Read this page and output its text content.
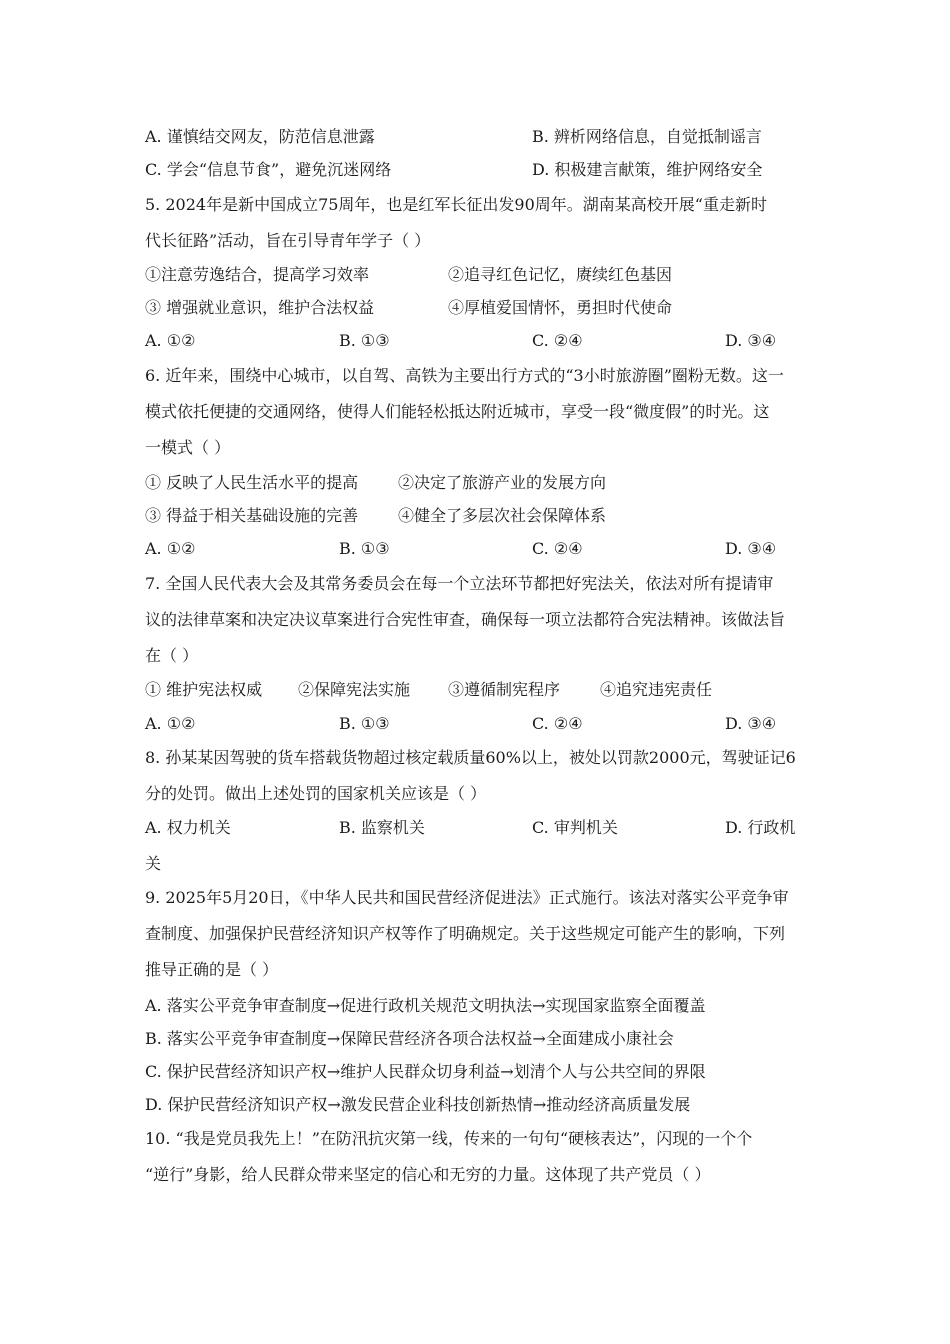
A. 谨慎结交网友，防范信息泄露	B. 辨析网络信息，自觉抵制谣言
C. 学会“信息节食”，避免沉迷网络	D. 积极建言献策，维护网络安全
5. 2024年是新中国成立75周年，也是红军长征出发90周年。湖南某高校开展“重走新时
代长征路”活动，旨在引导青年学子（ ）
①注意劳逸结合，提高学习效率	②追寻红色记忆，赓续红色基因
③ 增强就业意识，维护合法权益	④厚植爱国情怀，勇担时代使命
A. ①②	B. ①③	C. ②④	D. ③④
6. 近年来，围绕中心城市，以自驾、高铁为主要出行方式的“3小时旅游圈”圈粉无数。这一
模式依托便捷的交通网络，使得人们能轻松抵达附近城市，享受一段“微度假”的时光。这
一模式（ ）
① 反映了人民生活水平的提高 ②决定了旅游产业的发展方向
③ 得益于相关基础设施的完善 ④健全了多层次社会保障体系
A. ①②	B. ①③	C. ②④	D. ③④
7. 全国人民代表大会及其常务委员会在每一个立法环节都把好宪法关，依法对所有提请审
议的法律草案和决定决议草案进行合宪性审查，确保每一项立法都符合宪法精神。该做法旨
在（ ）
① 维护宪法权威 ②保障宪法实施 ③遵循制宪程序 ④追究违宪责任
A. ①②	B. ①③	C. ②④	D. ③④
8. 孙某某因驾驶的货车搭载货物超过核定载质量60%以上，被处以罚款2000元，驾驶证记6
分的处罚。做出上述处罚的国家机关应该是（ ）
A. 权力机关	B. 监察机关	C. 审判机关	D. 行政机
关
9. 2025年5月20日，《中华人民共和国民营经济促进法》正式施行。该法对落实公平竞争审
查制度、加强保护民营经济知识产权等作了明确规定。关于这些规定可能产生的影响，下列
推导正确的是（ ）
A. 落实公平竞争审查制度→促进行政机关规范文明执法→实现国家监察全面覆盖
B. 落实公平竞争审查制度→保障民营经济各项合法权益→全面建成小康社会
C. 保护民营经济知识产权→维护人民群众切身利益→划清个人与公共空间的界限
D. 保护民营经济知识产权→激发民营企业科技创新热情→推动经济高质量发展
10. “我是党员我先上！”在防汛抗灾第一线，传来的一句句“硬核表达”，闪现的一个个
“逆行”身影，给人民群众带来坚定的信心和无穷的力量。这体现了共产党员（ ）
